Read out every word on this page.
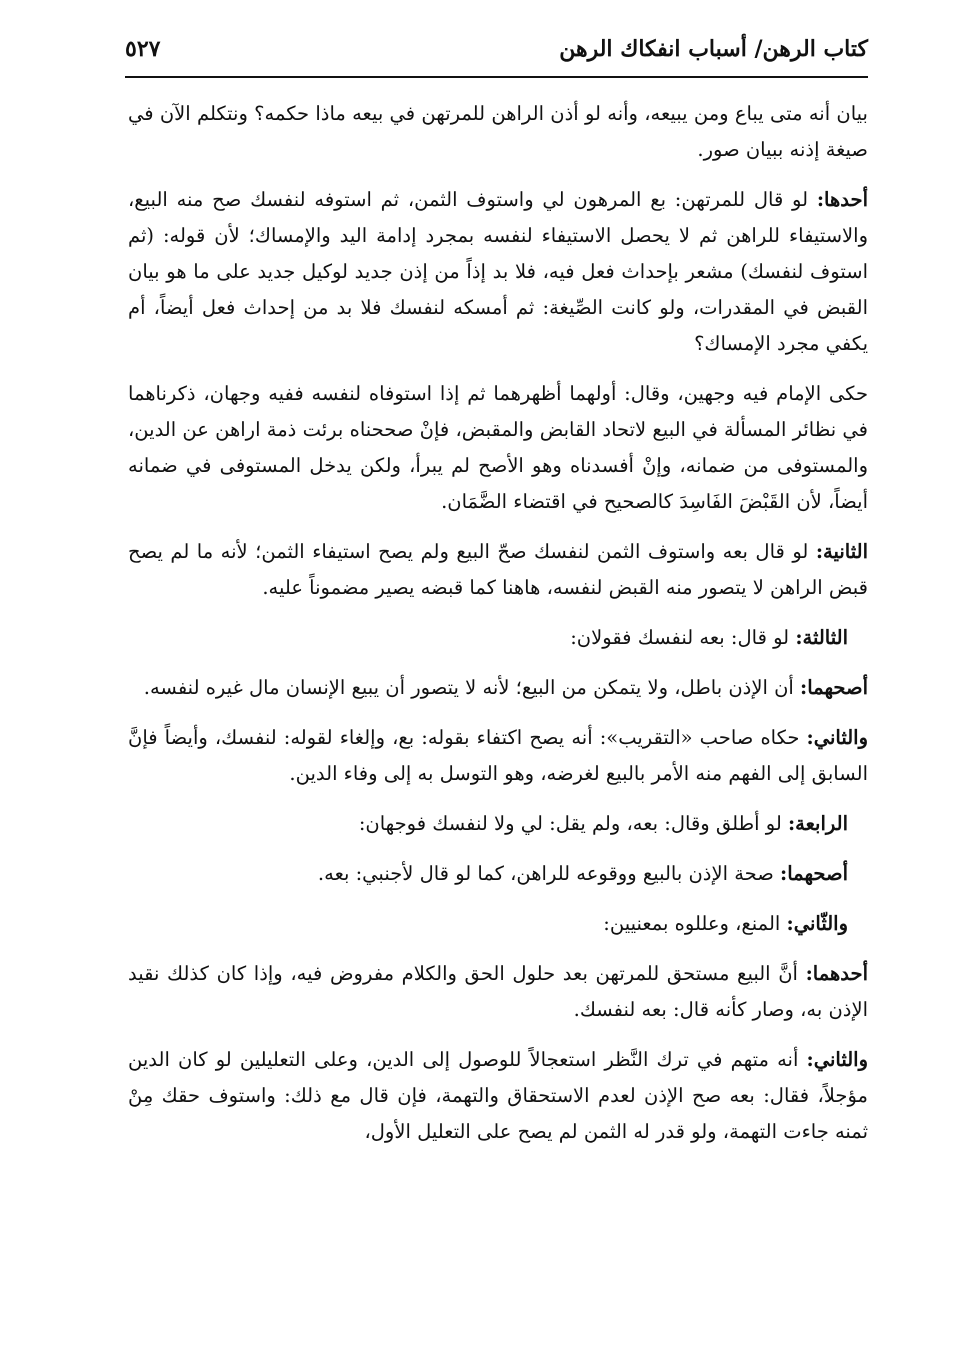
كتاب الرهن/ أسباب انفكاك الرهن
٥٢٧

بيان أنه متى يباع ومن يبيعه، وأنه لو أذن الراهن للمرتهن في بيعه ماذا حكمه؟ ونتكلم الآن في صيغة إذنه ببيان صور.

أحدها: لو قال للمرتهن: بع المرهون لي واستوف الثمن، ثم استوفه لنفسك صح منه البيع، والاستيفاء للراهن ثم لا يحصل الاستيفاء لنفسه بمجرد إدامة اليد والإمساك؛ لأن قوله: (ثم استوف لنفسك) مشعر بإحداث فعل فيه، فلا بد إذاً من إذن جديد لوكيل جديد على ما هو بيان القبض في المقدرات، ولو كانت الصِّيغة: ثم أمسكه لنفسك فلا بد من إحداث فعل أيضاً، أم يكفي مجرد الإمساك؟

حكى الإمام فيه وجهين، وقال: أولهما أظهرهما ثم إذا استوفاه لنفسه ففيه وجهان، ذكرناهما في نظائر المسألة في البيع لاتحاد القابض والمقبض، فإنْ صححناه برئت ذمة اراهن عن الدين، والمستوفى من ضمانه، وإنْ أفسدناه وهو الأصح لم يبرأ، ولكن يدخل المستوفى في ضمانه أيضاً، لأن القَبْضَ الفَاسِدَ كالصحيح في اقتضاء الضَّمَان.

الثانية: لو قال بعه واستوف الثمن لنفسك صحّ البيع ولم يصح استيفاء الثمن؛ لأنه ما لم يصح قبض الراهن لا يتصور منه القبض لنفسه، هاهنا كما قبضه يصير مضموناً عليه.

الثالثة: لو قال: بعه لنفسك فقولان:

أصحهما: أن الإذن باطل، ولا يتمكن من البيع؛ لأنه لا يتصور أن يبيع الإنسان مال غيره لنفسه.

والثاني: حكاه صاحب «التقريب»: أنه يصح اكتفاء بقوله: بع، وإلغاء لقوله: لنفسك، وأيضاً فإنَّ السابق إلى الفهم منه الأمر بالبيع لغرضه، وهو التوسل به إلى وفاء الدين.

الرابعة: لو أطلق وقال: بعه، ولم يقل: لي ولا لنفسك فوجهان:

أصحهما: صحة الإذن بالبيع ووقوعه للراهن، كما لو قال لأجنبي: بعه.

والثّاني: المنع، وعللوه بمعنيين:

أحدهما: أنَّ البيع مستحق للمرتهن بعد حلول الحق والكلام مفروض فيه، وإذا كان كذلك نقيد الإذن به، وصار كأنه قال: بعه لنفسك.

والثاني: أنه متهم في ترك النَّظر استعجالاً للوصول إلى الدين، وعلى التعليلين لو كان الدين مؤجلاً، فقال: بعه صح الإذن لعدم الاستحقاق والتهمة، فإن قال مع ذلك: واستوف حقك مِنْ ثمنه جاءت التهمة، ولو قدر له الثمن لم يصح على التعليل الأول،
